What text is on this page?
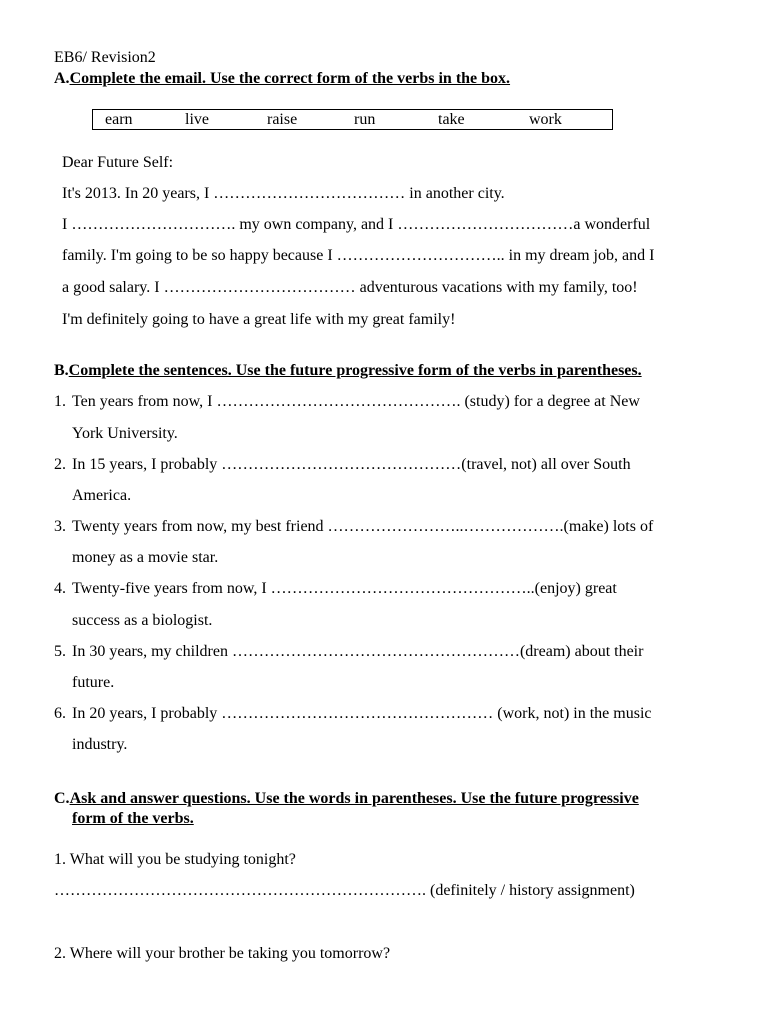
EB6/ Revision2
A.Complete the email. Use the correct form of the verbs in the box.
earn	live	raise	run	take	work
Dear Future Self:
It's 2013. In 20 years, I ……………………………… in another city.
I …………………………. my own company, and I ……………………………a wonderful
family. I'm going to be so happy because I ………………………….. in my dream job, and I
a good salary. I ……………………………… adventurous vacations with my family, too!
I'm definitely going to have a great life with my great family!
B.Complete the sentences. Use the future progressive form of the verbs in parentheses.
1. Ten years from now, I ………………………………………. (study) for a degree at New
York University.
2. In 15 years, I probably ………………………………………(travel, not) all over South
America.
3. Twenty years from now, my best friend ……………………..……………….(make) lots of
money as a movie star.
4. Twenty-five years from now, I …………………………………………..(enjoy) great
success as a biologist.
5. In 30 years, my children ………………………………………………(dream) about their
future.
6. In 20 years, I probably …………………………………………… (work, not) in the music
industry.
C.Ask and answer questions. Use the words in parentheses. Use the future progressive
form of the verbs.
1. What will you be studying tonight?
……………………………………………………………. (definitely / history assignment)
2. Where will your brother be taking you tomorrow?
